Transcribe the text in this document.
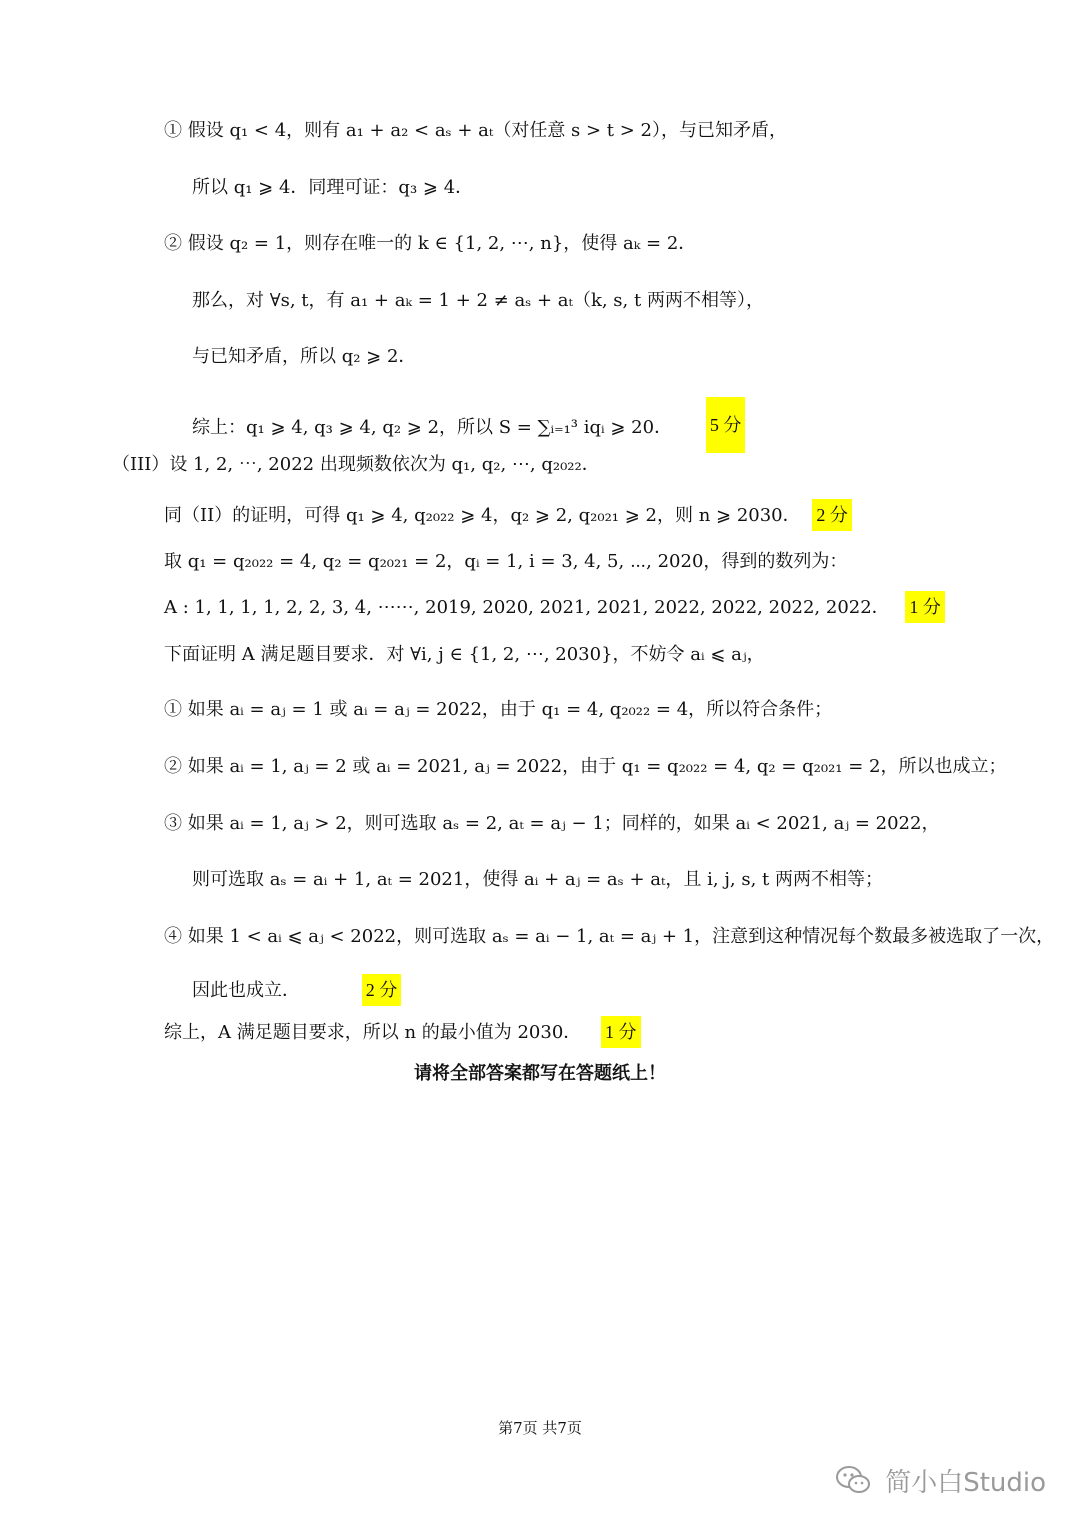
① 假设 q₁ < 4，则有 a₁ + a₂ < aₛ + aₜ（对任意 s > t > 2），与已知矛盾，
所以 q₁ ⩾ 4．同理可证：q₃ ⩾ 4．
② 假设 q₂ = 1，则存在唯一的 k ∈ {1, 2, ⋯, n}，使得 aₖ = 2．
那么，对 ∀s, t，有 a₁ + aₖ = 1 + 2 ≠ aₛ + aₜ（k, s, t 两两不相等），
与已知矛盾，所以 q₂ ⩾ 2．
综上：q₁ ⩾ 4, q₃ ⩾ 4, q₂ ⩾ 2，所以 S = ∑ᵢ₌₁³ iqᵢ ⩾ 20． 5 分
（III）设 1, 2, ⋯, 2022 出现频数依次为 q₁, q₂, ⋯, q₂₀₂₂．
同（II）的证明，可得 q₁ ⩾ 4, q₂₀₂₂ ⩾ 4，q₂ ⩾ 2, q₂₀₂₁ ⩾ 2，则 n ⩾ 2030． 2 分
取 q₁ = q₂₀₂₂ = 4, q₂ = q₂₀₂₁ = 2，qᵢ = 1, i = 3, 4, 5, ⋯, 2020，得到的数列为：
A : 1, 1, 1, 1, 2, 2, 3, 4, ⋯⋯, 2019, 2020, 2021, 2021, 2022, 2022, 2022, 2022． 1 分
下面证明 A 满足题目要求．对 ∀i, j ∈ {1, 2, ⋯, 2030}，不妨令 aᵢ ⩽ aⱼ，
① 如果 aᵢ = aⱼ = 1 或 aᵢ = aⱼ = 2022，由于 q₁ = 4, q₂₀₂₂ = 4，所以符合条件；
② 如果 aᵢ = 1, aⱼ = 2 或 aᵢ = 2021, aⱼ = 2022，由于 q₁ = q₂₀₂₂ = 4, q₂ = q₂₀₂₁ = 2，所以也成立；
③ 如果 aᵢ = 1, aⱼ > 2，则可选取 aₛ = 2, aₜ = aⱼ − 1；同样的，如果 aᵢ < 2021, aⱼ = 2022，
则可选取 aₛ = aᵢ + 1, aₜ = 2021，使得 aᵢ + aⱼ = aₛ + aₜ，且 i, j, s, t 两两不相等；
④ 如果 1 < aᵢ ⩽ aⱼ < 2022，则可选取 aₛ = aᵢ − 1, aₜ = aⱼ + 1，注意到这种情况每个数最多被选取了一次，
因此也成立．	2 分
综上，A 满足题目要求，所以 n 的最小值为 2030． 1 分
请将全部答案都写在答题纸上！
第7页 共7页
简小白Studio
